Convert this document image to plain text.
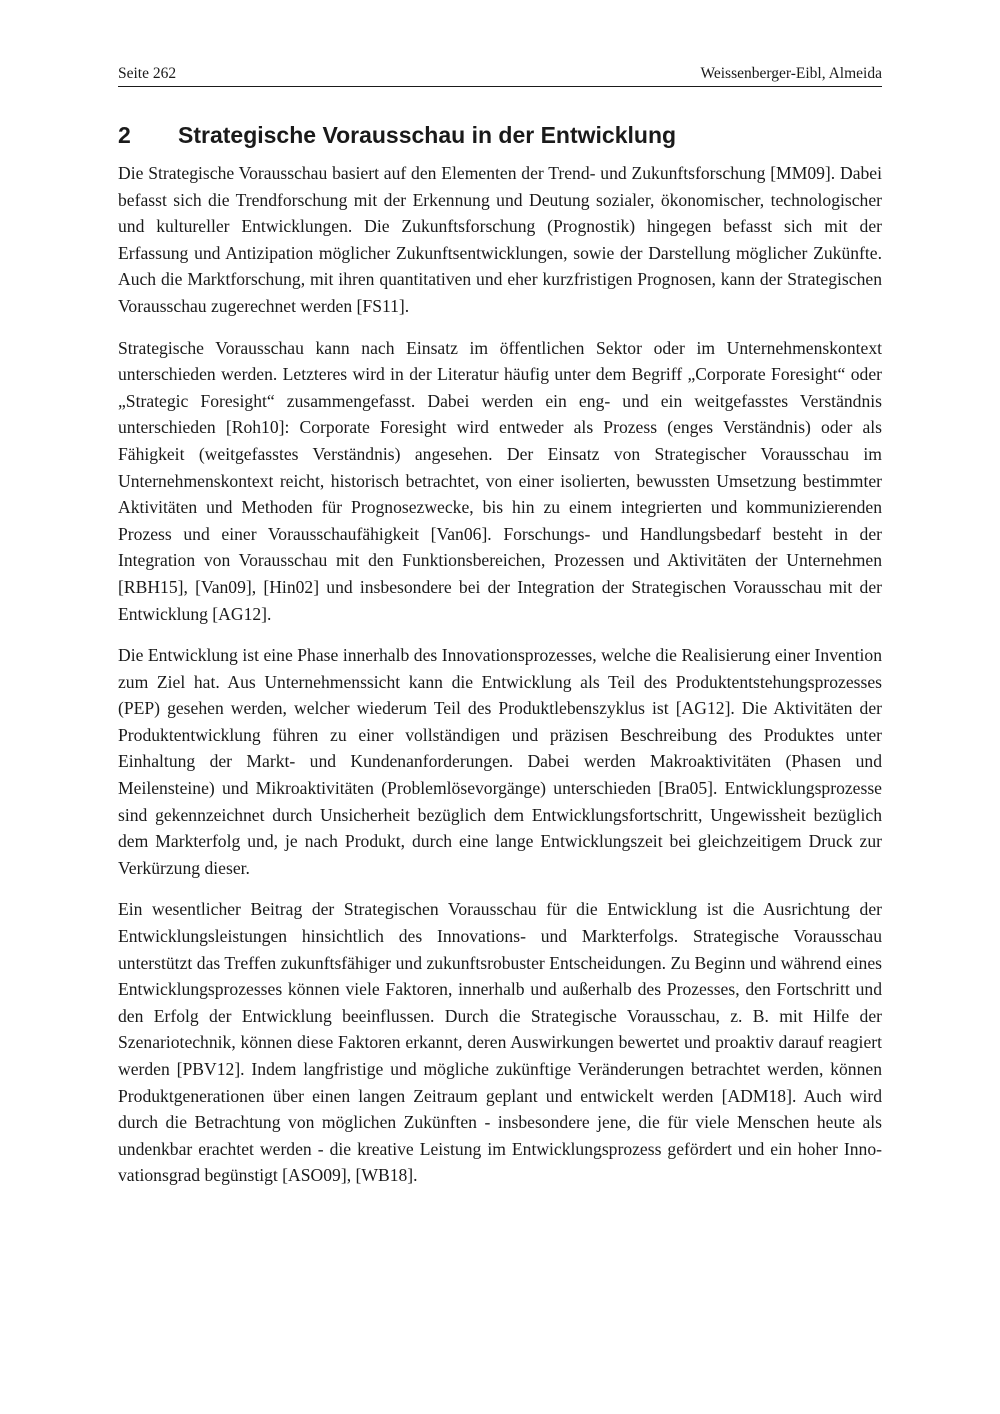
Seite 262	Weissenberger-Eibl, Almeida
2	Strategische Vorausschau in der Entwicklung

Die Strategische Vorausschau basiert auf den Elementen der Trend- und Zukunftsforschung [MM09]. Dabei befasst sich die Trendforschung mit der Erkennung und Deutung sozialer, ökonomischer, technologischer und kultureller Entwicklungen. Die Zukunftsforschung (Prognostik) hingegen befasst sich mit der Erfassung und Antizipation möglicher Zukunftsentwicklungen, sowie der Darstellung möglicher Zukünfte. Auch die Marktforschung, mit ihren quantitativen und eher kurzfristigen Prognosen, kann der Strategischen Vorausschau zugerechnet werden [FS11].

Strategische Vorausschau kann nach Einsatz im öffentlichen Sektor oder im Unternehmenskontext unterschieden werden. Letzteres wird in der Literatur häufig unter dem Begriff „Corporate Foresight“ oder „Strategic Foresight“ zusammengefasst. Dabei werden ein eng- und ein weitgefasstes Verständnis unterschieden [Roh10]: Corporate Foresight wird entweder als Prozess (enges Verständnis) oder als Fähigkeit (weitgefasstes Verständnis) angesehen. Der Einsatz von Strategischer Vorausschau im Unternehmenskontext reicht, historisch betrachtet, von einer isolierten, bewussten Umsetzung bestimmter Aktivitäten und Methoden für Prognosezwecke, bis hin zu einem integrierten und kommunizierenden Prozess und einer Vorausschaufähigkeit [Van06]. Forschungs- und Handlungsbedarf besteht in der Integration von Vorausschau mit den Funktionsbereichen, Prozessen und Aktivitäten der Unternehmen [RBH15], [Van09], [Hin02] und insbesondere bei der Integration der Strategischen Vorausschau mit der Entwicklung [AG12].

Die Entwicklung ist eine Phase innerhalb des Innovationsprozesses, welche die Realisierung einer Invention zum Ziel hat. Aus Unternehmenssicht kann die Entwicklung als Teil des Produktentstehungsprozesses (PEP) gesehen werden, welcher wiederum Teil des Produktlebenszyklus ist [AG12]. Die Aktivitäten der Produktentwicklung führen zu einer vollständigen und präzisen Beschreibung des Produktes unter Einhaltung der Markt- und Kundenanforderungen. Dabei werden Makroaktivitäten (Phasen und Meilensteine) und Mikroaktivitäten (Problemlösevorgänge) unterschieden [Bra05]. Entwicklungsprozesse sind gekennzeichnet durch Unsicherheit bezüglich dem Entwicklungsfortschritt, Ungewissheit bezüglich dem Markterfolg und, je nach Produkt, durch eine lange Entwicklungszeit bei gleichzeitigem Druck zur Verkürzung dieser.

Ein wesentlicher Beitrag der Strategischen Vorausschau für die Entwicklung ist die Ausrichtung der Entwicklungsleistungen hinsichtlich des Innovations- und Markterfolgs. Strategische Vorausschau unterstützt das Treffen zukunftsfähiger und zukunftsrobuster Entscheidungen. Zu Beginn und während eines Entwicklungsprozesses können viele Faktoren, innerhalb und außerhalb des Prozesses, den Fortschritt und den Erfolg der Entwicklung beeinflussen. Durch die Strategische Vorausschau, z. B. mit Hilfe der Szenariotechnik, können diese Faktoren erkannt, deren Auswirkungen bewertet und proaktiv darauf reagiert werden [PBV12]. Indem langfristige und mögliche zukünftige Veränderungen betrachtet werden, können Produktgenerationen über einen langen Zeitraum geplant und entwickelt werden [ADM18]. Auch wird durch die Betrachtung von möglichen Zukünften - insbesondere jene, die für viele Menschen heute als undenkbar erachtet werden - die kreative Leistung im Entwicklungsprozess gefördert und ein hoher Innovationsgrad begünstigt [ASO09], [WB18].
